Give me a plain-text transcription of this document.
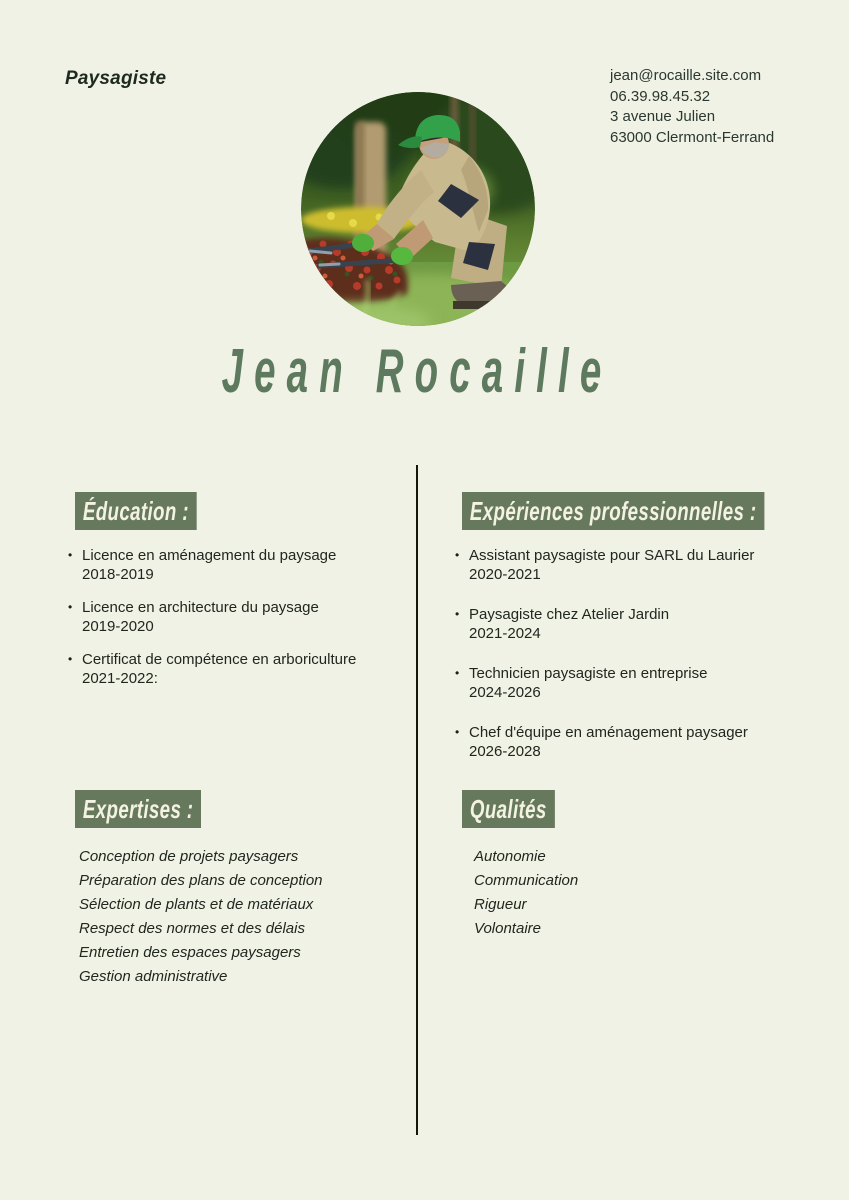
Paysagiste	jean@rocaille.site.com
06.39.98.45.32
3 avenue Julien
63000 Clermont-Ferrand
Jean Rocaille
Éducation :
• Licence en aménagement du paysage
2018-2019
• Licence en architecture du paysage
2019-2020
• Certificat de compétence en arboriculture
2021-2022:
Expériences professionnelles :
• Assistant paysagiste pour SARL du Laurier
2020-2021
• Paysagiste chez Atelier Jardin
2021-2024
• Technicien paysagiste en entreprise
2024-2026
• Chef d'équipe en aménagement paysager
2026-2028
Expertises :
Conception de projets paysagers
Préparation des plans de conception
Sélection de plants et de matériaux
Respect des normes et des délais
Entretien des espaces paysagers
Gestion administrative
Qualités
Autonomie
Communication
Rigueur
Volontaire
